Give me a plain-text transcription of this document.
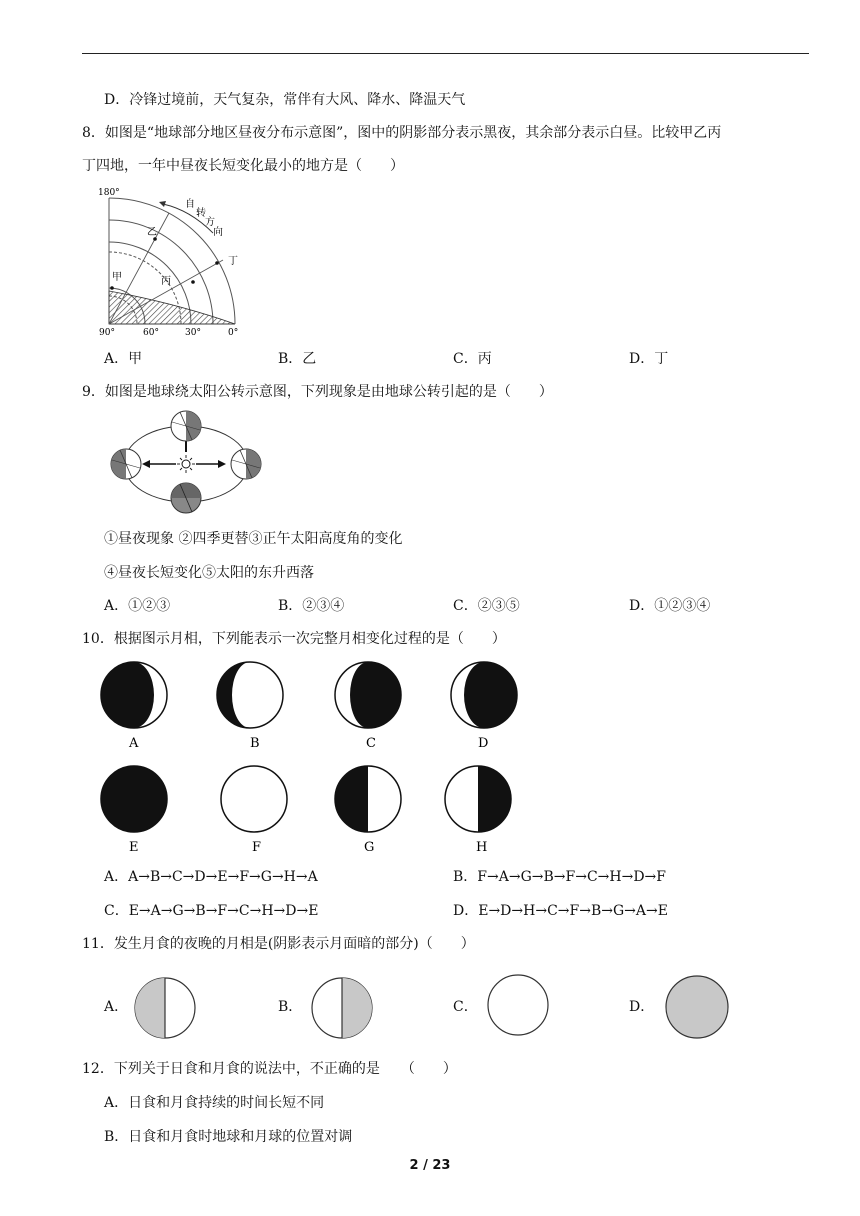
D．冷锋过境前，天气复杂，常伴有大风、降水、降温天气
8．如图是“地球部分地区昼夜分布示意图”，图中的阴影部分表示黑夜，其余部分表示白昼。比较甲乙丙
丁四地，一年中昼夜长短变化最小的地方是（　　）
180°
90°	60°	30°	0°
自
转
方
向
甲
乙
丙
丁
A．甲	B．乙	C．丙	D．丁
9．如图是地球绕太阳公转示意图，下列现象是由地球公转引起的是（　　）
①昼夜现象 ②四季更替③正午太阳高度角的变化
④昼夜长短变化⑤太阳的东升西落
A．①②③	B．②③④	C．②③⑤	D．①②③④
10．根据图示月相，下列能表示一次完整月相变化过程的是（　　）
A	B	C	D
E	F	G	H
A．A→B→C→D→E→F→G→H→A	B．F→A→G→B→F→C→H→D→F
C．E→A→G→B→F→C→H→D→E	D．E→D→H→C→F→B→G→A→E
11．发生月食的夜晚的月相是(阴影表示月面暗的部分)（　　）
A．	B．	C．	D．
12．下列关于日食和月食的说法中，不正确的是　　（　　）
A．日食和月食持续的时间长短不同
B．日食和月食时地球和月球的位置对调
2 / 23
